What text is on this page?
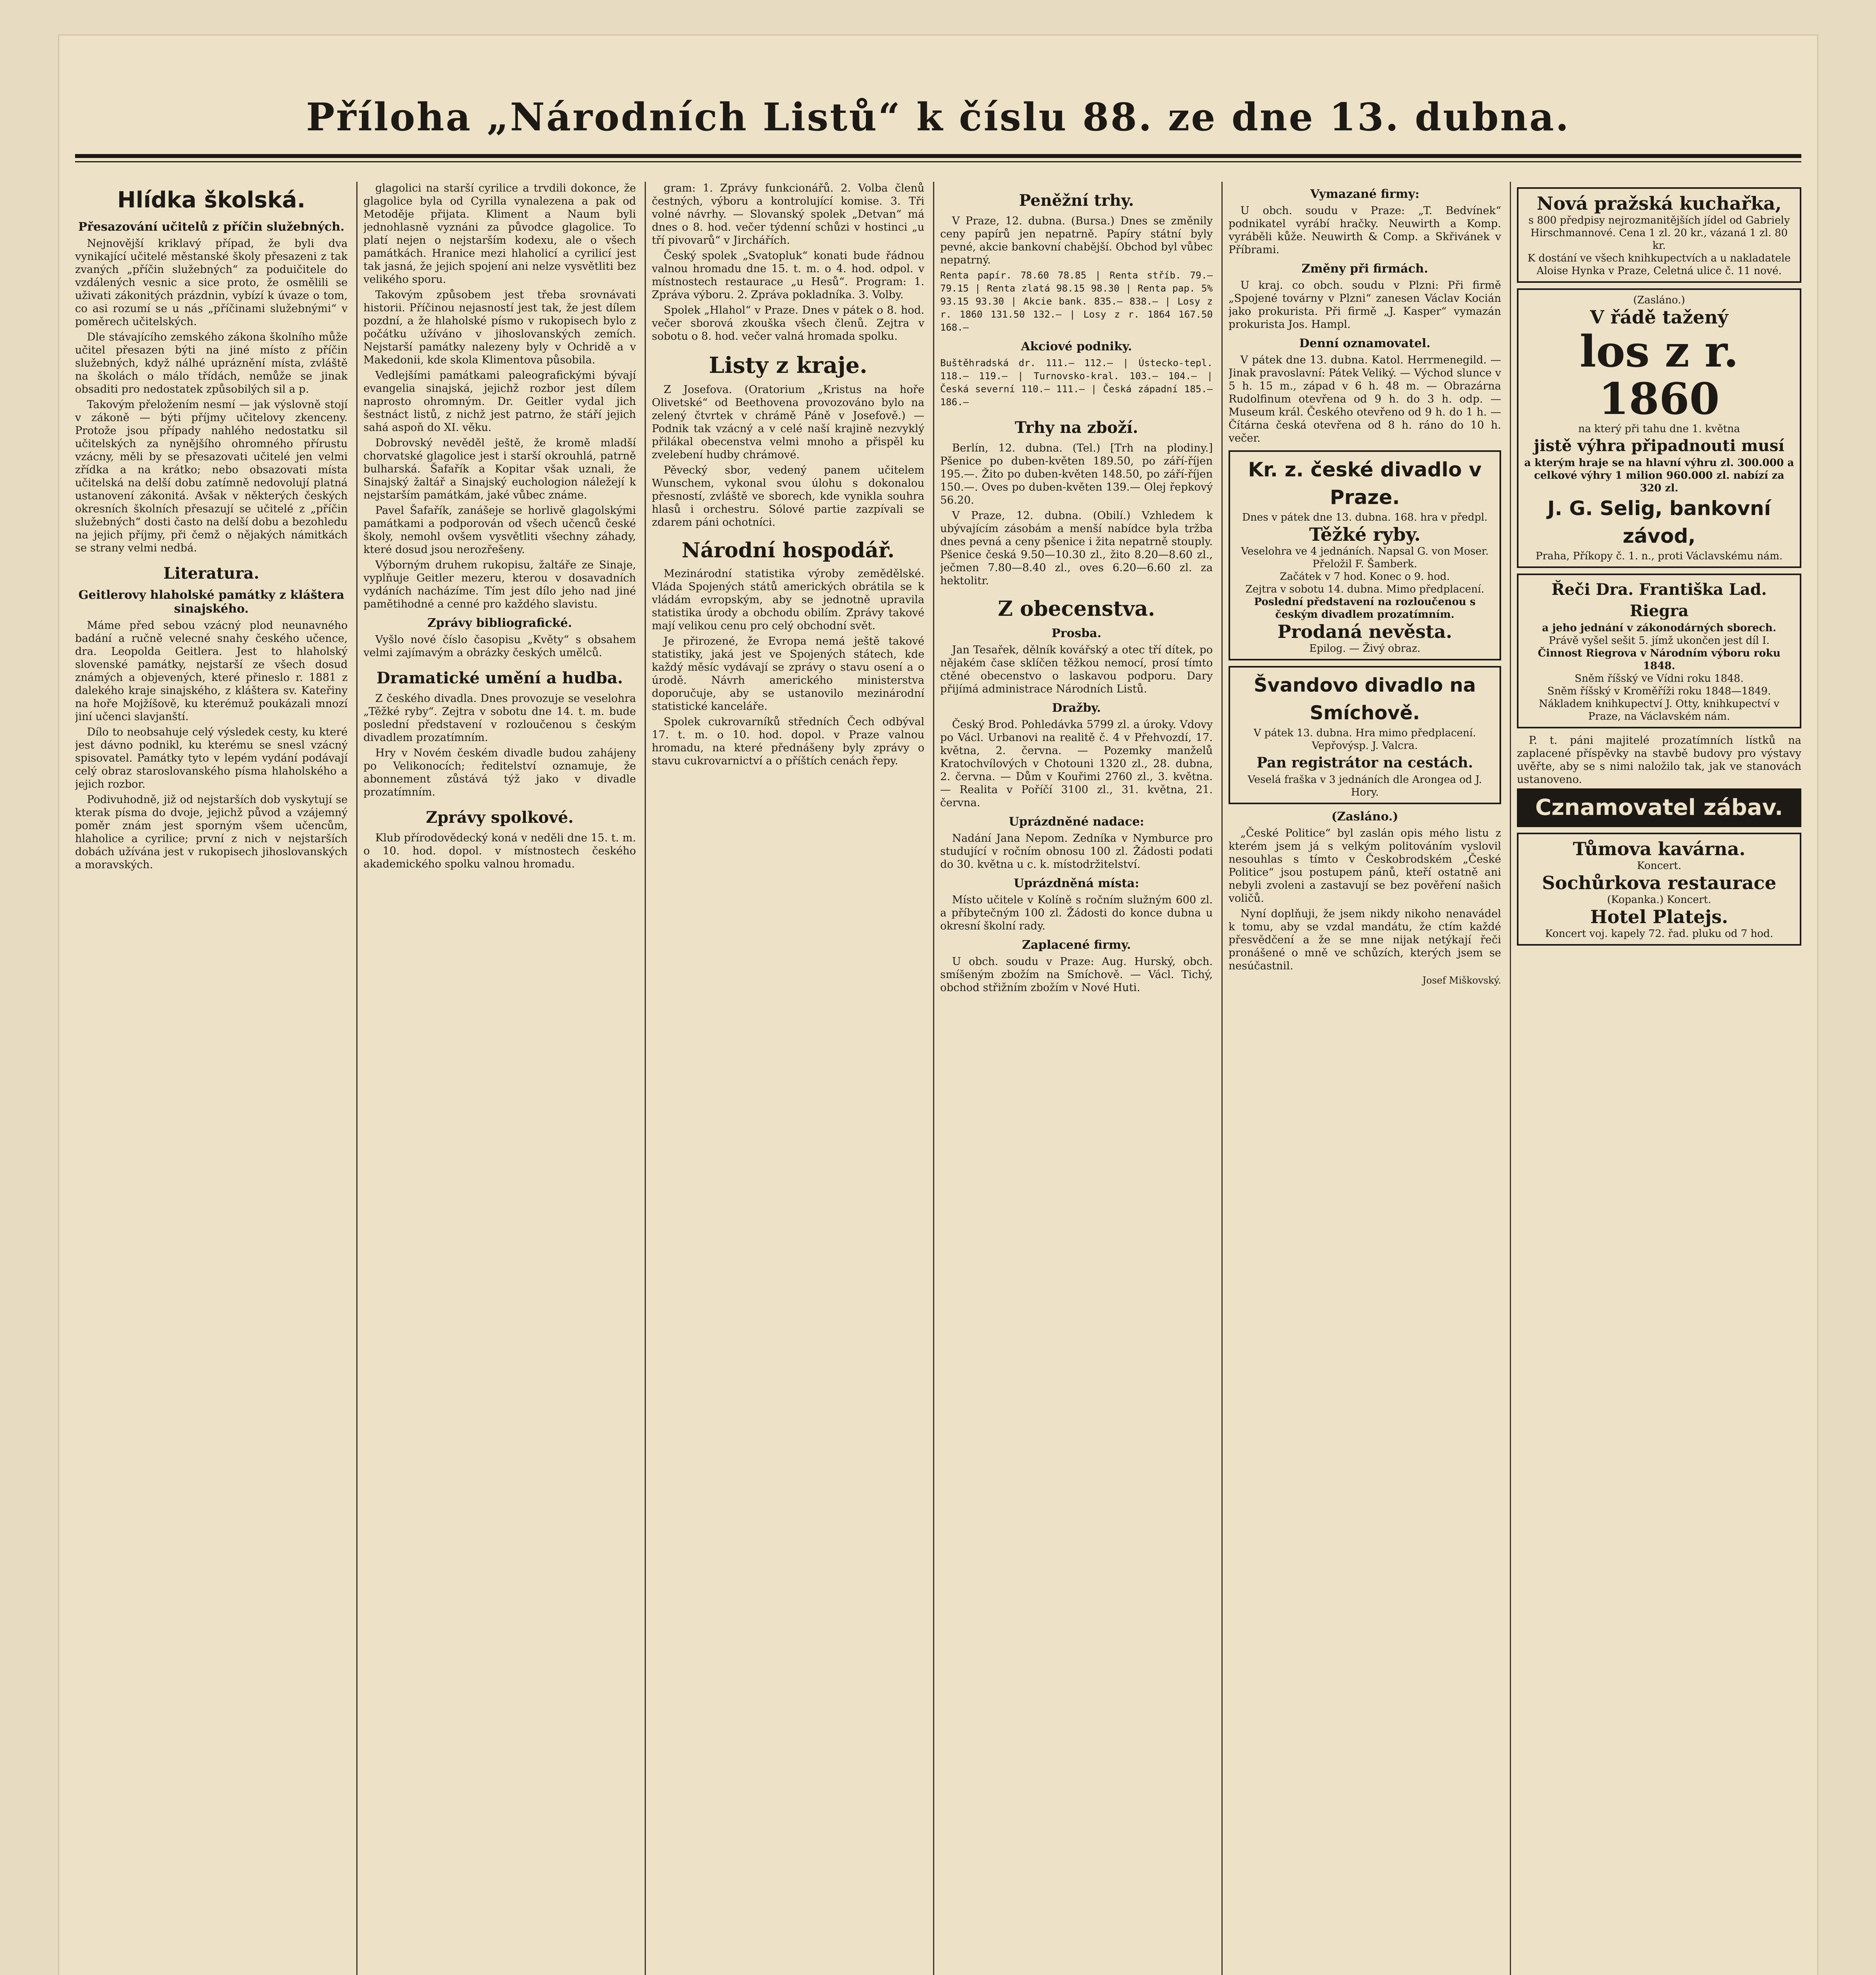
Příloha „Národních Listů“ k číslu 88. ze dne 13. dubna.
Hlídka školská.
Přesazování učitelů z příčin služebných.

Nejnovější kriklavý případ, že byli dva vynikající učitelé městanské školy přesazeni z tak zvaných „příčin služebných“ za poduičitele do vzdálených vesnic a sice proto, že osmělili se uživati zákonitých prázdnin, vybízí k úvaze o tom, co asi rozumí se u nás „příčinami služebnými“ v poměrech učitelských.

Dle stávajícího zemského zákona školního může učitel přesazen býti na jiné místo z příčin služebných, když nálhé upráznění místa, zvláště na školách o málo třídách, nemůže se jinak obsaditi pro nedostatek způsobilých sil a p.

Takovým přeložením nesmí — jak výslovně stojí v zákoně — býti příjmy učitelovy zkenceny. Protože jsou případy nahlého nedostatku sil učitelských za nynějšího ohromného přírustu vzácny, měli by se přesazovati učitelé jen velmi zřídka a na krátko; nebo obsazovati místa učitelská na delší dobu zatímně nedovolují platná ustanovení zákonitá. Avšak v některých českých okresních školních přesazují se učitelé z „příčin služebných“ dosti často na delší dobu a bezohledu na jejich příjmy, při čemž o nějakých námitkách se strany velmi nedbá.

Literatura.
Geitlerovy hlaholské památky z kláštera sinajského.

Máme před sebou vzácný plod neunavného badání a ručně velecné snahy českého učence, dra. Leopolda Geitlera. Jest to hlaholský slovenské památky, nejstarší ze všech dosud známých a objevených, které přineslo r. 1881 z dalekého kraje sinajského, z kláštera sv. Kateřiny na hoře Mojžíšově, ku kterémuž poukázali mnozí jiní učenci slavjanští.

Dílo to neobsahuje celý výsledek cesty, ku které jest dávno podnikl, ku kterému se snesl vzácný spisovatel. Památky tyto v lepém vydání podávají celý obraz staroslovanského písma hlaholského a jejich rozbor.

Podivuhodně, již od nejstarších dob vyskytují se kterak písma do dvoje, jejichž původ a vzájemný poměr znám jest sporným všem učencům, hlaholice a cyrilice; první z nich v nejstarších dobách užívána jest v rukopisech jihoslovanských a moravských.

glagolici na starší cyrilice a trvdili dokonce, že glagolice byla od Cyrilla vynalezena a pak od Metoděje přijata. Kliment a Naum byli jednohlasně vyznáni za původce glagolice. To platí nejen o nejstarším kodexu, ale o všech památkách. Hranice mezi hlaholicí a cyrilicí jest tak jasná, že jejich spojení ani nelze vysvětliti bez velikého sporu.

Takovým způsobem jest třeba srovnávati historii. Příčinou nejasností jest tak, že jest dílem pozdní, a že hlaholské písmo v rukopisech bylo z počátku užíváno v jihoslovanských zemích. Nejstarší památky nalezeny byly v Ochridě a v Makedonii, kde skola Klimentova působila.

Vedlejšími památkami paleografickými bývají evangelia sinajská, jejichž rozbor jest dílem naprosto ohromným. Dr. Geitler vydal jich šestnáct listů, z nichž jest patrno, že stáří jejich sahá aspoň do XI. věku.

Dobrovský nevěděl ještě, že kromě mladší chorvatské glagolice jest i starší okrouhlá, patrně bulharská. Šafařík a Kopitar však uznali, že Sinajský žaltář a Sinajský euchologion náležejí k nejstarším památkám, jaké vůbec známe.

Pavel Šafařík, zanášeje se horlivě glagolskými památkami a podporován od všech učenců české školy, nemohl ovšem vysvětliti všechny záhady, které dosud jsou nerozřešeny.

Výborným druhem rukopisu, žaltáře ze Sinaje, vyplňuje Geitler mezeru, kterou v dosavadních vydáních nacházíme. Tím jest dílo jeho nad jiné pamětihodné a cenné pro každého slavistu.

Zprávy bibliografické.

Vyšlo nové číslo časopisu „Květy“ s obsahem velmi zajímavým a obrázky českých umělců.

Dramatické umění a hudba.

Z českého divadla. Dnes provozuje se veselohra „Těžké ryby“. Zejtra v sobotu dne 14. t. m. bude poslední představení v rozloučenou s českým divadlem prozatímním.

Hry v Novém českém divadle budou zahájeny po Velikonocích; ředitelství oznamuje, že abonnement zůstává týž jako v divadle prozatímním.

Zprávy spolkové.

Klub přírodovědecký koná v neděli dne 15. t. m. o 10. hod. dopol. v místnostech českého akademického spolku valnou hromadu.

gram: 1. Zprávy funkcionářů. 2. Volba členů čestných, výboru a kontrolující komise. 3. Tři volné návrhy. — Slovanský spolek „Detvan“ má dnes o 8. hod. večer týdenní schůzi v hostinci „u tří pivovarů“ v Jirchářích.

Český spolek „Svatopluk“ konati bude řádnou valnou hromadu dne 15. t. m. o 4. hod. odpol. v místnostech restaurace „u Hesů“. Program: 1. Zpráva výboru. 2. Zpráva pokladníka. 3. Volby.

Spolek „Hlahol“ v Praze. Dnes v pátek o 8. hod. večer sborová zkouška všech členů. Zejtra v sobotu o 8. hod. večer valná hromada spolku.

Listy z kraje.

Z Josefova. (Oratorium „Kristus na hoře Olivetské“ od Beethovena provozováno bylo na zelený čtvrtek v chrámě Páně v Josefově.) — Podnik tak vzácný a v celé naší krajině nezvyklý přilákal obecenstva velmi mnoho a přispěl ku zvelebení hudby chrámové.

Pěvecký sbor, vedený panem učitelem Wunschem, vykonal svou úlohu s dokonalou přesností, zvláště ve sborech, kde vynikla souhra hlasů i orchestru. Sólové partie zazpívali se zdarem páni ochotníci.

Národní hospodář.

Mezinárodní statistika výroby zemědělské. Vláda Spojených států amerických obrátila se k vládám evropským, aby se jednotně upravila statistika úrody a obchodu obilím. Zprávy takové mají velikou cenu pro celý obchodní svět.

Je přirozené, že Evropa nemá ještě takové statistiky, jaká jest ve Spojených státech, kde každý měsíc vydávají se zprávy o stavu osení a o úrodě. Návrh amerického ministerstva doporučuje, aby se ustanovilo mezinárodní statistické kanceláře.

Spolek cukrovarníků středních Čech odbýval 17. t. m. o 10. hod. dopol. v Praze valnou hromadu, na které přednášeny byly zprávy o stavu cukrovarnictví a o příštích cenách řepy.

Peněžní trhy.

V Praze, 12. dubna. (Bursa.) Dnes se změnily ceny papírů jen nepatrně. Papíry státní byly pevné, akcie bankovní chabější. Obchod byl vůbec nepatrný.

Renta papír. 78.60 78.85 | Renta stříb. 79.— 79.15 | Renta zlatá 98.15 98.30 | Renta pap. 5% 93.15 93.30 | Akcie bank. 835.— 838.— | Losy z r. 1860 131.50 132.— | Losy z r. 1864 167.50 168.—

Akciové podniky.

Buštěhradská dr. 111.— 112.— | Ústecko-tepl. 118.— 119.— | Turnovsko-kral. 103.— 104.— | Česká severní 110.— 111.— | Česká západní 185.— 186.—

Trhy na zboží.

Berlín, 12. dubna. (Tel.) [Trh na plodiny.] Pšenice po duben-květen 189.50, po září-říjen 195.—. Žito po duben-květen 148.50, po září-říjen 150.—. Oves po duben-květen 139.— Olej řepkový 56.20.

V Praze, 12. dubna. (Obilí.) Vzhledem k ubývajícím zásobám a menší nabídce byla tržba dnes pevná a ceny pšenice i žita nepatrně stouply. Pšenice česká 9.50—10.30 zl., žito 8.20—8.60 zl., ječmen 7.80—8.40 zl., oves 6.20—6.60 zl. za hektolitr.

Z obecenstva.
Prosba.

Jan Tesařek, dělník kovářský a otec tří dítek, po nějakém čase sklíčen těžkou nemocí, prosí tímto ctěné obecenstvo o laskavou podporu. Dary přijímá administrace Národních Listů.

Dražby.

Český Brod. Pohledávka 5799 zl. a úroky. Vdovy po Václ. Urbanovi na realitě č. 4 v Přehvozdí, 17. května, 2. června. — Pozemky manželů Kratochvílových v Chotouni 1320 zl., 28. dubna, 2. června. — Dům v Kouřimi 2760 zl., 3. května. — Realita v Poříčí 3100 zl., 31. května, 21. června.

Uprázdněné nadace:

Nadání Jana Nepom. Zedníka v Nymburce pro studující v ročním obnosu 100 zl. Žádosti podati do 30. května u c. k. místodržitelství.

Uprázdněná místa:

Místo učitele v Kolíně s ročním služným 600 zl. a příbytečným 100 zl. Žádosti do konce dubna u okresní školní rady.

Zaplacené firmy.

U obch. soudu v Praze: Aug. Hurský, obch. smíšeným zbožím na Smíchově. — Václ. Tichý, obchod střižním zbožím v Nové Huti.

Vymazané firmy:

U obch. soudu v Praze: „T. Bedvínek“ podnikatel vyrábí hračky. Neuwirth a Komp. vyráběli kůže. Neuwirth & Comp. a Skřivánek v Příbrami.

Změny při firmách.

U kraj. co obch. soudu v Plzni: Při firmě „Spojené továrny v Plzni“ zanesen Václav Kocián jako prokurista. Při firmě „J. Kasper“ vymazán prokurista Jos. Hampl.

Denní oznamovatel.

V pátek dne 13. dubna. Katol. Herrmenegild. — Jinak pravoslavní: Pátek Veliký. — Východ slunce v 5 h. 15 m., západ v 6 h. 48 m. — Obrazárna Rudolfinum otevřena od 9 h. do 3 h. odp. — Museum král. Českého otevřeno od 9 h. do 1 h. — Čítárna česká otevřena od 8 h. ráno do 10 h. večer.

Kr. z. české divadlo v Praze.
Dnes v pátek dne 13. dubna. 168. hra v předpl.
Těžké ryby.
Veselohra ve 4 jednáních. Napsal G. von Moser. Přeložil F. Šamberk.
Začátek v 7 hod. Konec o 9. hod.
Zejtra v sobotu 14. dubna. Mimo předplacení.
Poslední představení na rozloučenou s českým divadlem prozatímním.
Prodaná nevěsta.
Epilog. — Živý obraz.
Švandovo divadlo na Smíchově.
V pátek 13. dubna. Hra mimo předplacení.
Vepřovýsp. J. Valcra.
Pan registrátor na cestách.
Veselá fraška v 3 jednáních dle Arongea od J. Hory.
(Zasláno.)

„České Politice“ byl zaslán opis mého listu z kterém jsem já s velkým politováním vyslovil nesouhlas s tímto v Českobrodském „České Politice“ jsou postupem pánů, kteří ostatně ani nebyli zvoleni a zastavují se bez pověření našich voličů.

Nyní doplňuji, že jsem nikdy nikoho nenavádel k tomu, aby se vzdal mandátu, že ctím každé přesvědčení a že se mne nijak netýkají řeči pronášené o mně ve schůzích, kterých jsem se nesúčastnil.

Josef Miškovský.
Nová pražská kuchařka,
s 800 předpisy nejrozmanitějších jídel od Gabriely Hirschmannové. Cena 1 zl. 20 kr., vázaná 1 zl. 80 kr.
K dostání ve všech knihkupectvích a u nakladatele Aloise Hynka v Praze, Celetná ulice č. 11 nové.
(Zasláno.)
V řádě tažený
los z r. 1860
na který při tahu dne 1. května
jistě výhra připadnouti musí
a kterým hraje se na hlavní výhru zl. 300.000 a celkové výhry 1 milion 960.000 zl. nabízí za 320 zl.
J. G. Selig, bankovní závod,
Praha, Příkopy č. 1. n., proti Václavskému nám.
Řeči Dra. Františka Lad. Riegra
a jeho jednání v zákonodárných sborech.
Právě vyšel sešit 5. jímž ukončen jest díl I.
Činnost Riegrova v Národním výboru roku 1848.
Sněm říšský ve Vídni roku 1848.
Sněm říšský v Kroměříži roku 1848—1849.
Nákladem knihkupectví J. Otty, knihkupectví v Praze, na Václavském nám.

P. t. páni majitelé prozatímních lístků na zaplacené příspěvky na stavbě budovy pro výstavy uvěřte, aby se s nimi naložilo tak, jak ve stanovách ustanoveno.

Cznamovatel zábav.
Tůmova kavárna.
Koncert.
Sochůrkova restaurace
(Kopanka.) Koncert.
Hotel Platejs.
Koncert voj. kapely 72. řad. pluku od 7 hod.
